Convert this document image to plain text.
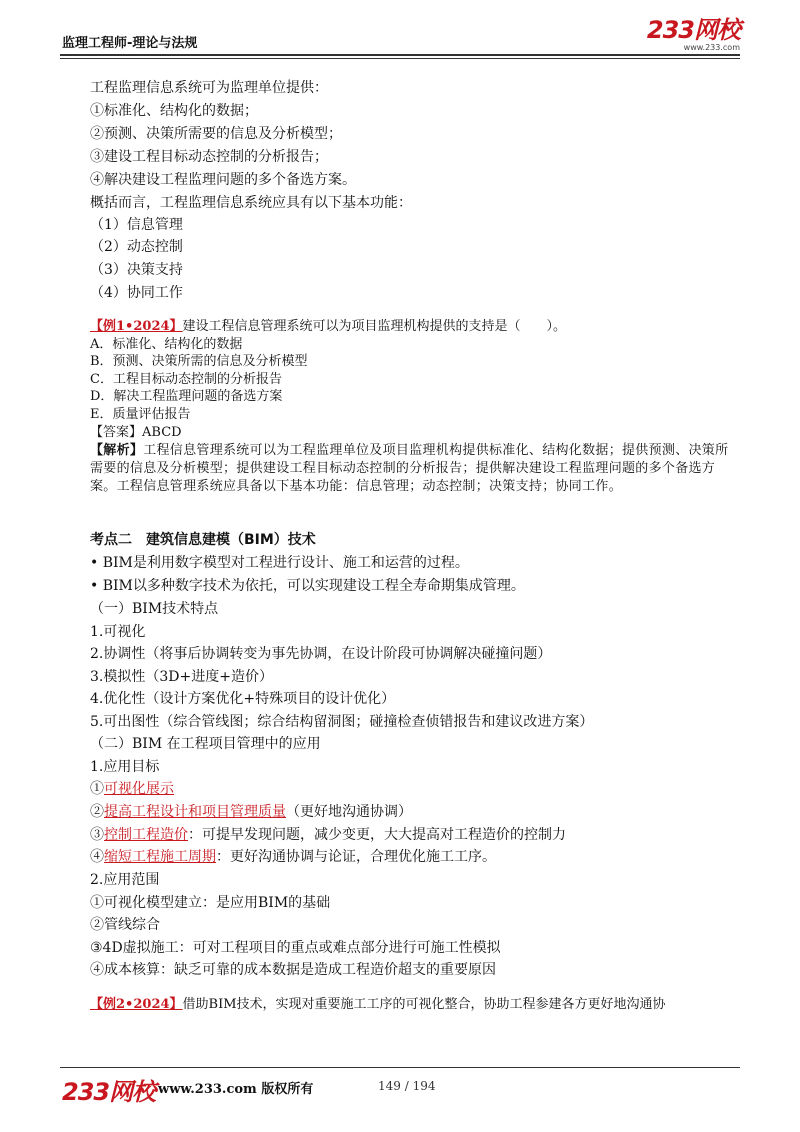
监理工程师-理论与法规	233网校
www.233.com
工程监理信息系统可为监理单位提供：
①标准化、结构化的数据；
②预测、决策所需要的信息及分析模型；
③建设工程目标动态控制的分析报告；
④解决建设工程监理问题的多个备选方案。
概括而言，工程监理信息系统应具有以下基本功能：
（1）信息管理
（2）动态控制
（3）决策支持
（4）协同工作
【例1•2024】建设工程信息管理系统可以为项目监理机构提供的支持是（　　）。
A．标准化、结构化的数据
B．预测、决策所需的信息及分析模型
C．工程目标动态控制的分析报告
D．解决工程监理问题的备选方案
E．质量评估报告
【答案】ABCD
【解析】工程信息管理系统可以为工程监理单位及项目监理机构提供标准化、结构化数据；提供预测、决策所需要的信息及分析模型；提供建设工程目标动态控制的分析报告；提供解决建设工程监理问题的多个备选方案。工程信息管理系统应具备以下基本功能：信息管理；动态控制；决策支持；协同工作。
考点二　建筑信息建模（BIM）技术
• BIM是利用数字模型对工程进行设计、施工和运营的过程。
• BIM以多种数字技术为依托，可以实现建设工程全寿命期集成管理。
（一）BIM技术特点
1.可视化
2.协调性（将事后协调转变为事先协调，在设计阶段可协调解决碰撞问题）
3.模拟性（3D+进度+造价）
4.优化性（设计方案优化+特殊项目的设计优化）
5.可出图性（综合管线图；综合结构留洞图；碰撞检查侦错报告和建议改进方案）
（二）BIM 在工程项目管理中的应用
1.应用目标
①可视化展示
②提高工程设计和项目管理质量（更好地沟通协调）
③控制工程造价：可提早发现问题，减少变更，大大提高对工程造价的控制力
④缩短工程施工周期：更好沟通协调与论证，合理优化施工工序。
2.应用范围
①可视化模型建立：是应用BIM的基础
②管线综合
③4D虚拟施工：可对工程项目的重点或难点部分进行可施工性模拟
④成本核算：缺乏可靠的成本数据是造成工程造价超支的重要原因
【例2•2024】借助BIM技术，实现对重要施工工序的可视化整合，协助工程参建各方更好地沟通协
233网校 www.233.com 版权所有	149 / 194
